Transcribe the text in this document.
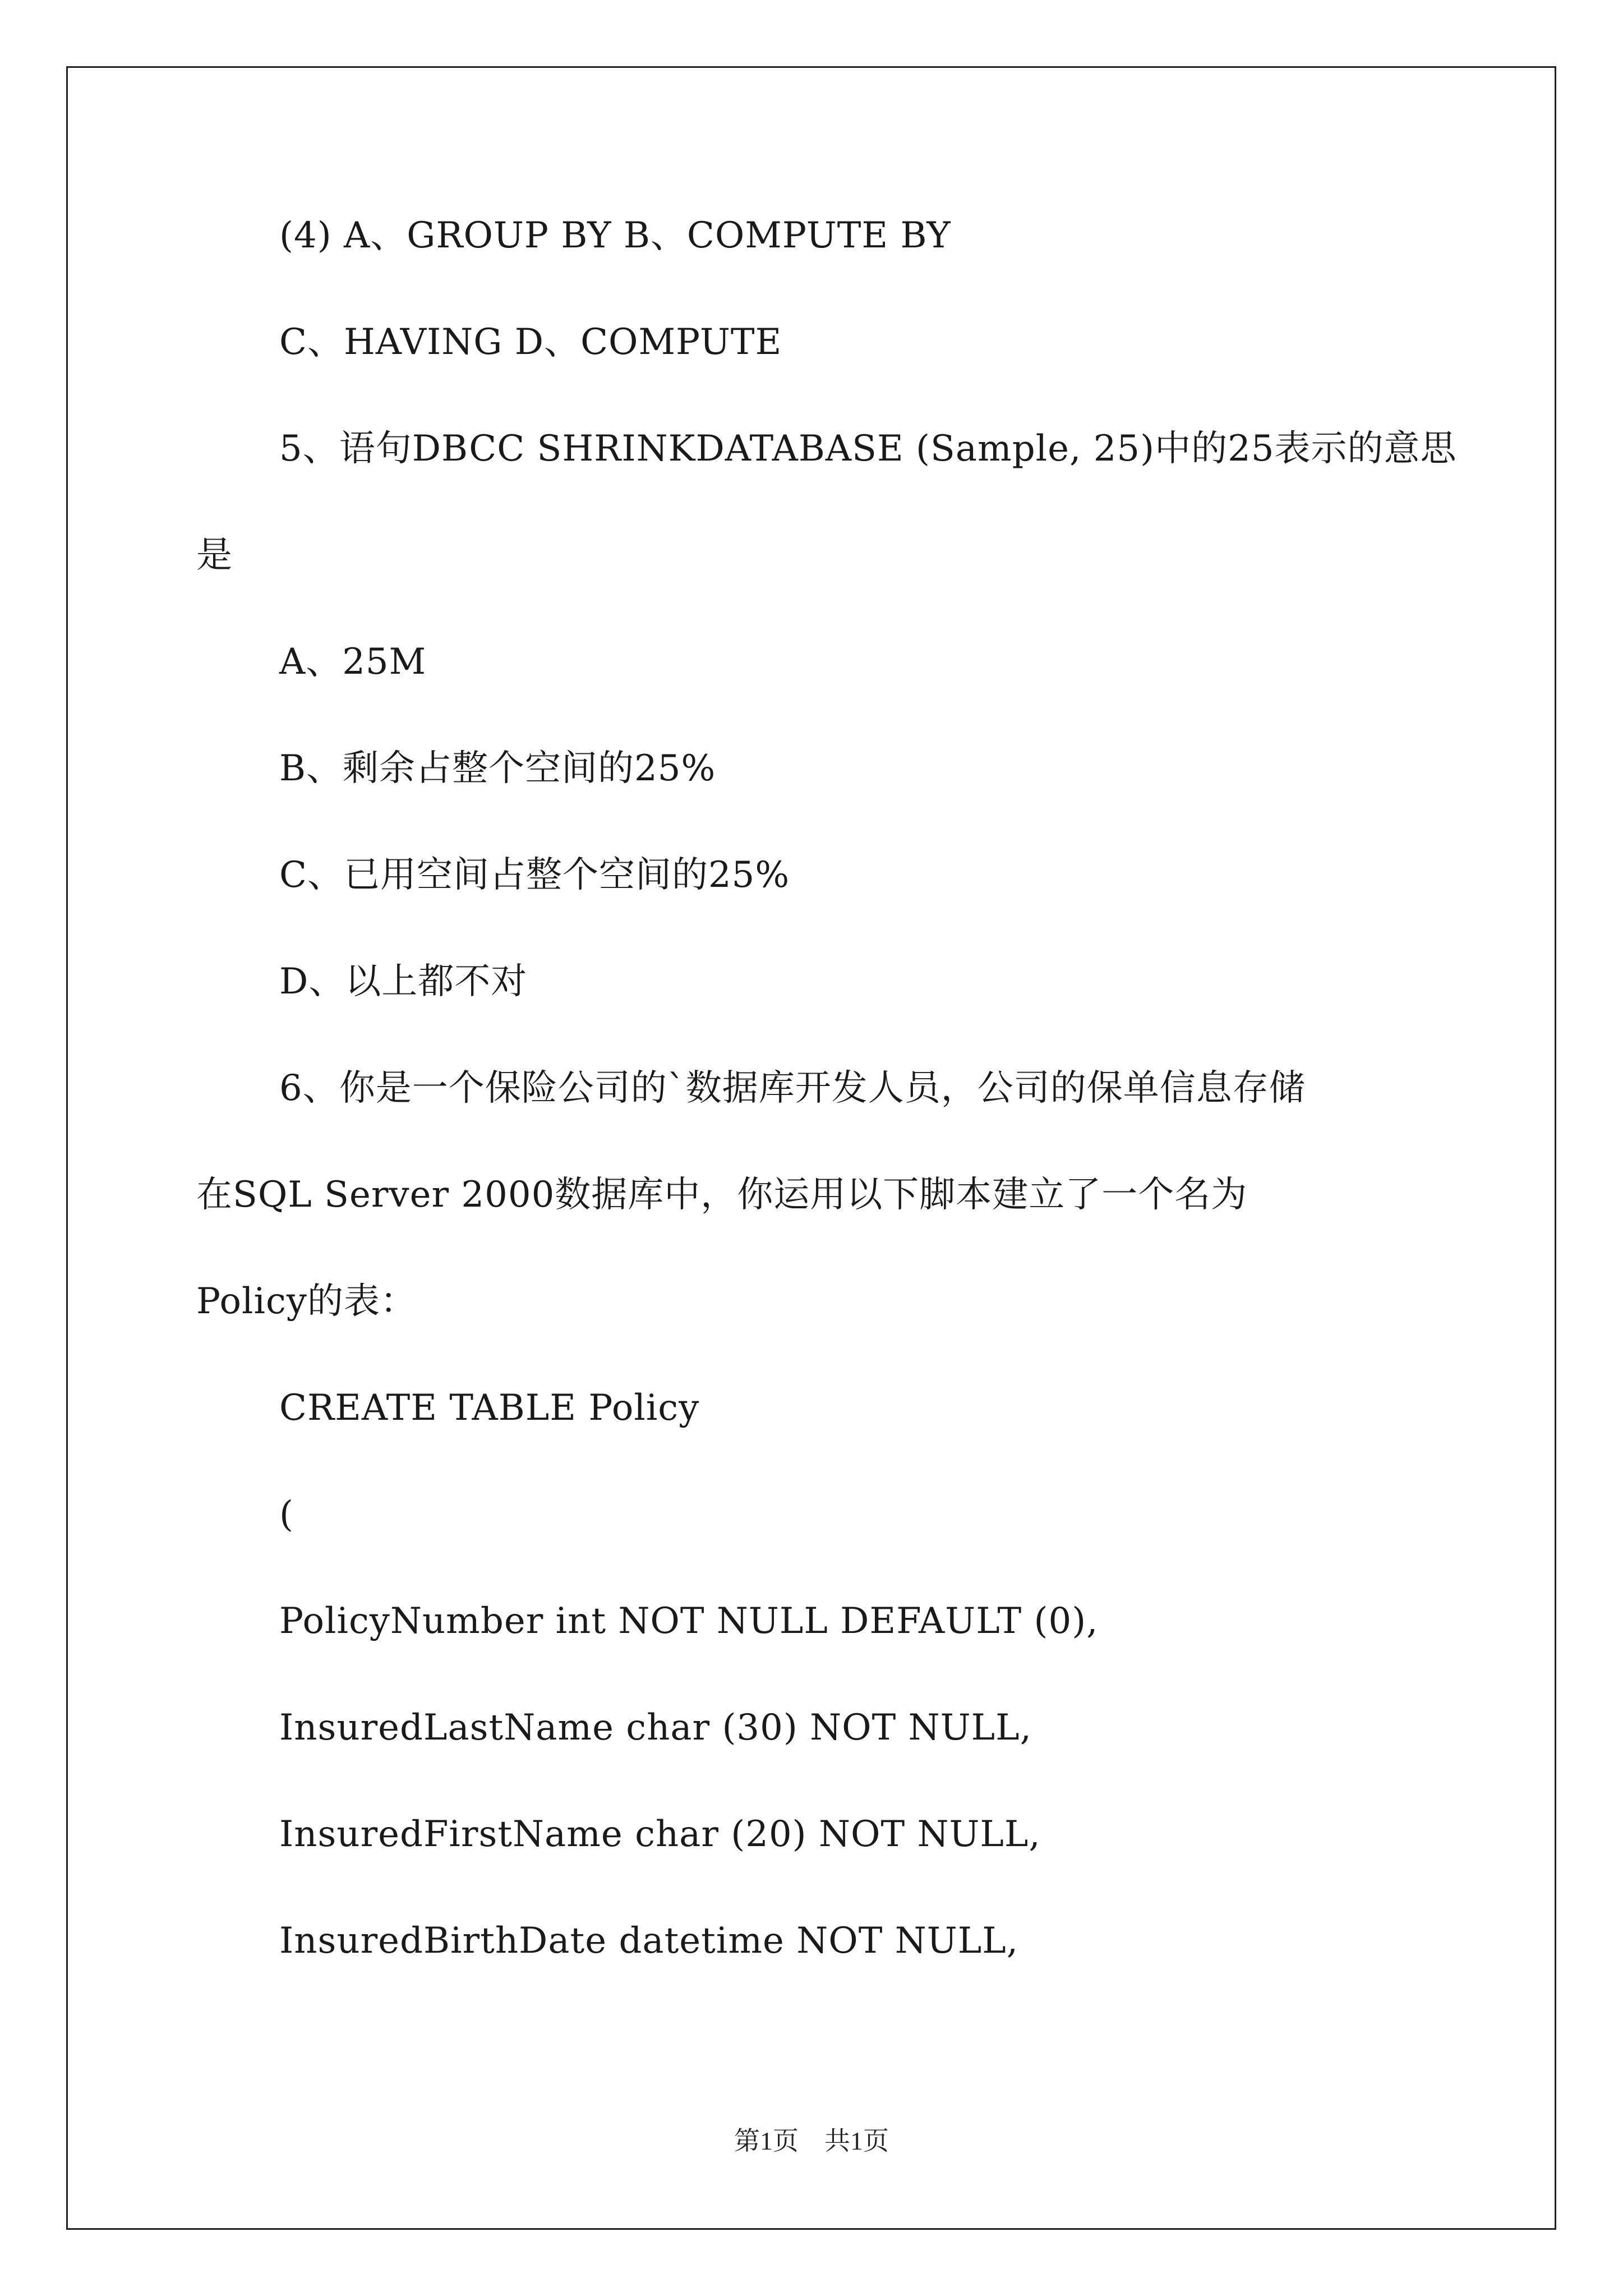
(4) A、GROUP BY B、COMPUTE BY
C、HAVING D、COMPUTE
5、语句DBCC SHRINKDATABASE (Sample, 25)中的25表示的意思
是
A、25M
B、剩余占整个空间的25%
C、已用空间占整个空间的25%
D、以上都不对
6、你是一个保险公司的`数据库开发人员，公司的保单信息存储
在SQL Server 2000数据库中，你运用以下脚本建立了一个名为
Policy的表：
CREATE TABLE Policy
(
PolicyNumber int NOT NULL DEFAULT (0),
InsuredLastName char (30) NOT NULL,
InsuredFirstName char (20) NOT NULL,
InsuredBirthDate datetime NOT NULL,
第1页　共1页
